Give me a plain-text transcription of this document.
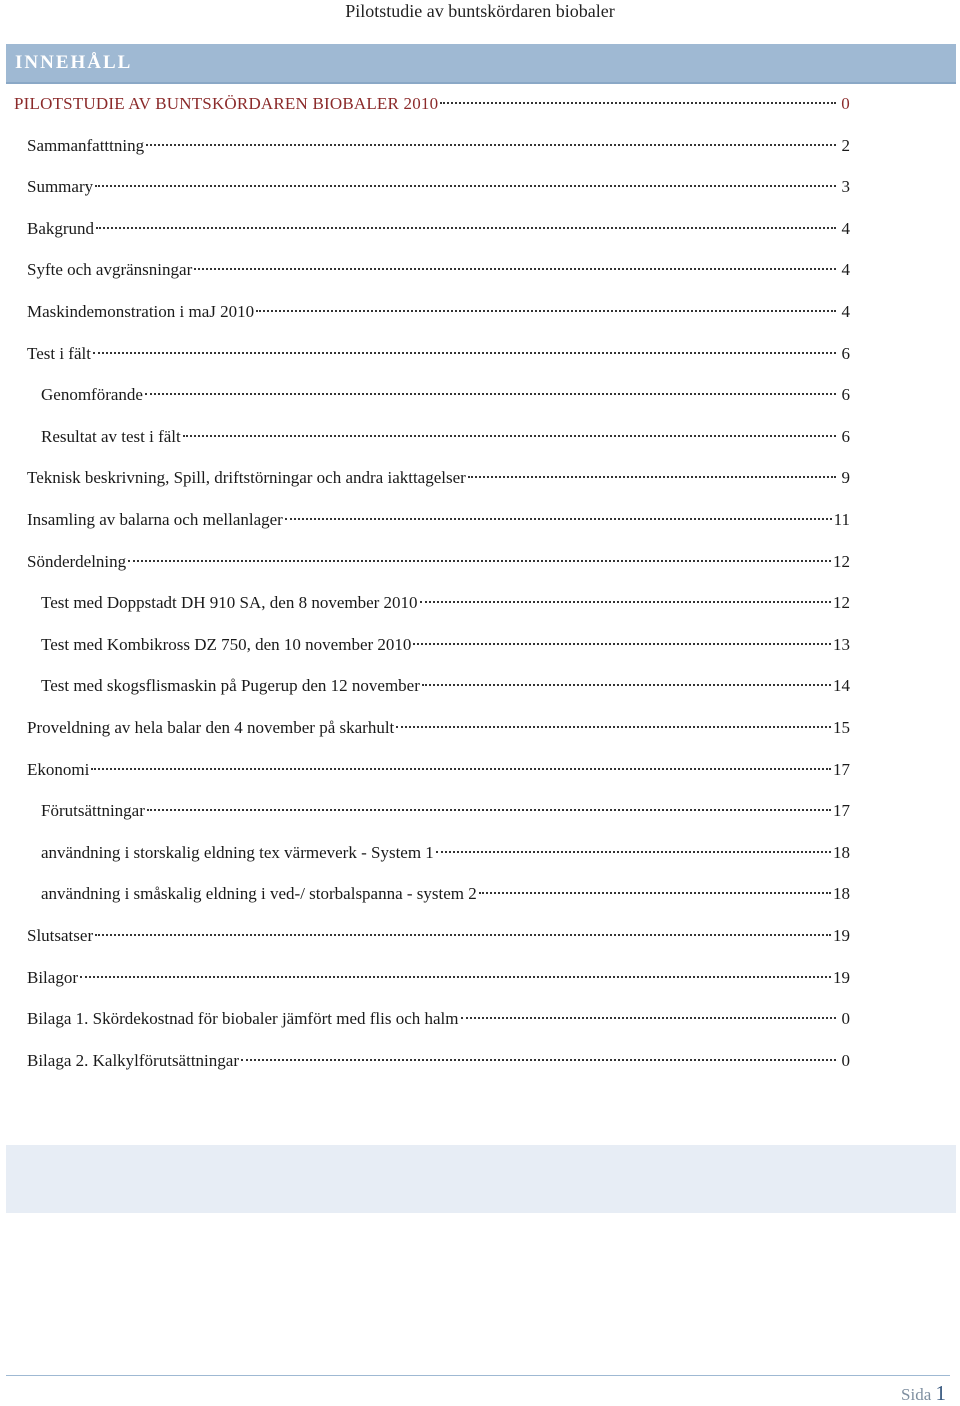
Pilotstudie av buntskördaren biobaler
INNEHÅLL
PILOTSTUDIE AV BUNTSKÖRDAREN BIOBALER 2010	0
Sammanfatttning	2
Summary	3
Bakgrund	4
Syfte och avgränsningar	4
Maskindemonstration i maJ 2010	4
Test i fält	6
Genomförande	6
Resultat av test i fält	6
Teknisk beskrivning, Spill, driftstörningar och andra iakttagelser	9
Insamling av balarna och mellanlager	11
Sönderdelning	12
Test med Doppstadt DH 910 SA, den 8 november 2010	12
Test med Kombikross DZ 750, den 10 november 2010	13
Test med skogsflismaskin på Pugerup den 12 november	14
Proveldning av hela balar den 4 november på skarhult	15
Ekonomi	17
Förutsättningar	17
användning i storskalig eldning tex värmeverk - System 1	18
användning i småskalig eldning i ved-/ storbalspanna - system 2	18
Slutsatser	19
Bilagor	19
Bilaga 1. Skördekostnad för biobaler jämfört med flis och halm	0
Bilaga 2. Kalkylförutsättningar	0
Sida 1
